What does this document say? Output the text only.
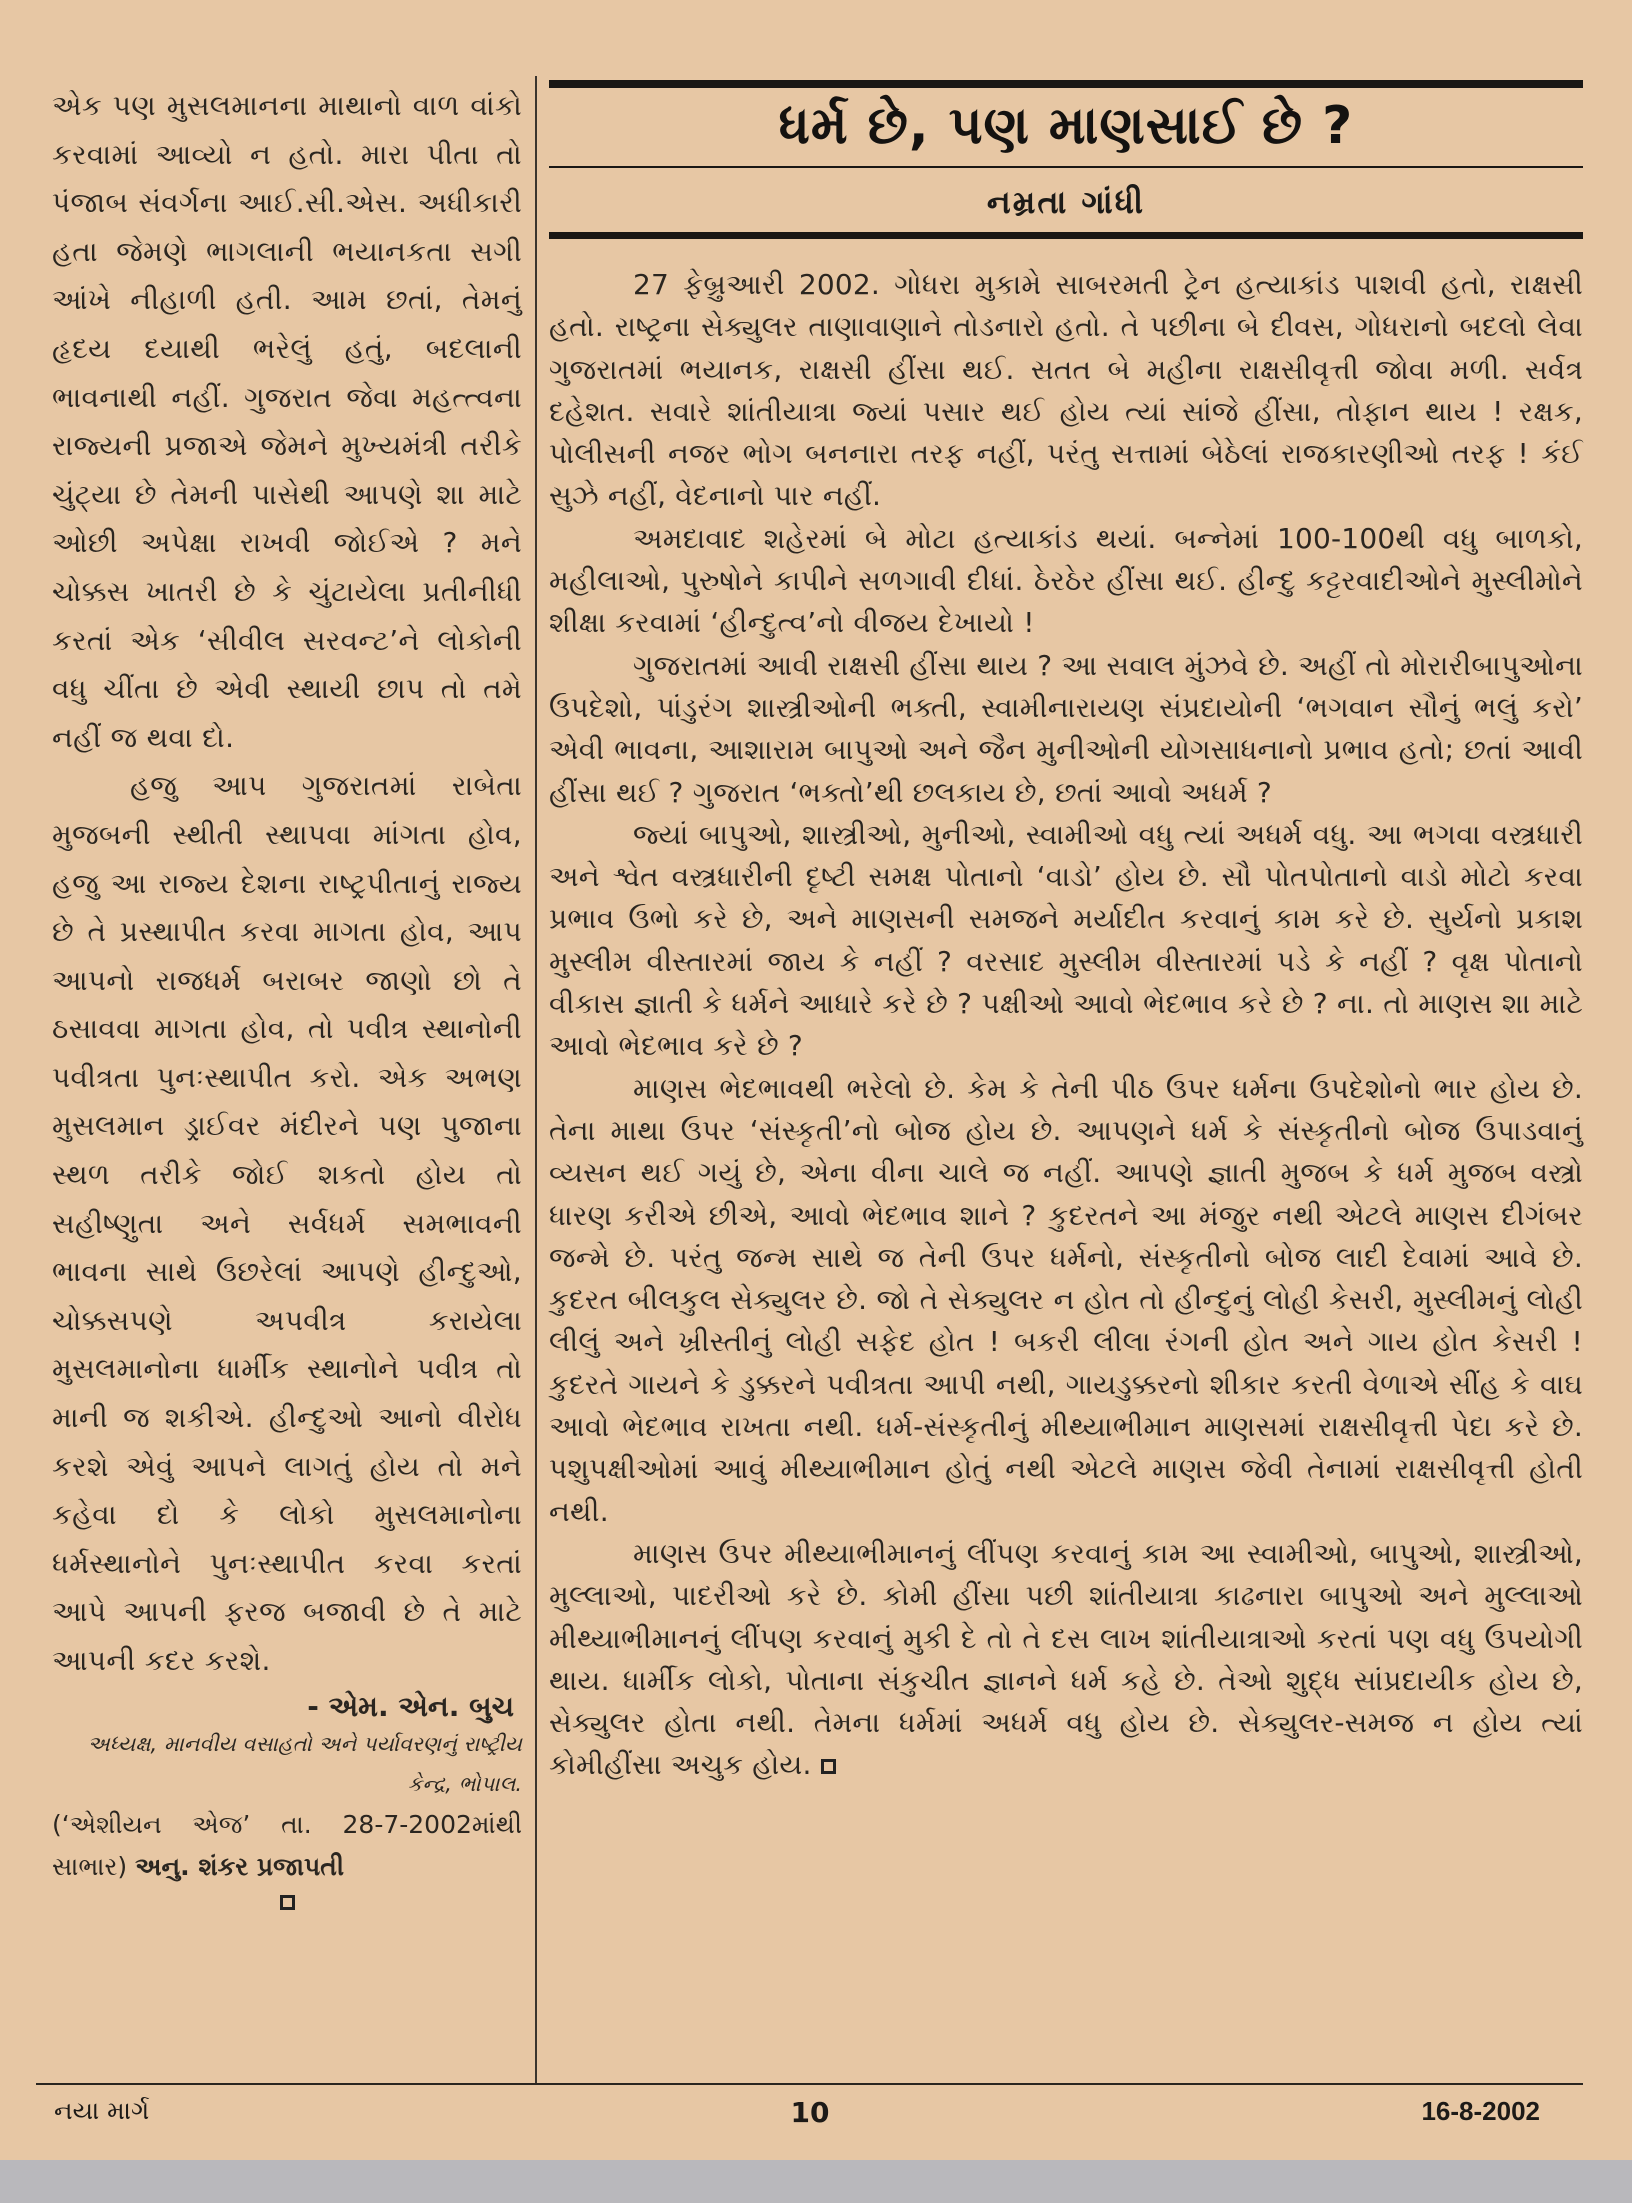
એક પણ મુસલમાનના માથાનો વાળ વાંકો કરવામાં આવ્યો ન હતો. મારા પીતા તો પંજાબ સંવર્ગના આઈ.સી.એસ. અધીકારી હતા જેમણે ભાગલાની ભયાનકતા સગી આંખે નીહાળી હતી. આમ છતાં, તેમનું હૃદય દયાથી ભરેલું હતું, બદલાની ભાવનાથી નહીં. ગુજરાત જેવા મહત્ત્વના રાજ્યની પ્રજાએ જેમને મુખ્યમંત્રી તરીકે ચુંટ્યા છે તેમની પાસેથી આપણે શા માટે ઓછી અપેક્ષા રાખવી જોઈએ ? મને ચોક્કસ ખાતરી છે કે ચુંટાયેલા પ્રતીનીધી કરતાં એક ‘સીવીલ સરવન્ટ’ને લોકોની વધુ ચીંતા છે એવી સ્થાયી છાપ તો તમે નહીં જ થવા દો.

હજુ આપ ગુજરાતમાં રાબેતા મુજબની સ્થીતી સ્થાપવા માંગતા હોવ, હજુ આ રાજ્ય દેશના રાષ્ટ્રપીતાનું રાજ્ય છે તે પ્રસ્થાપીત કરવા માગતા હોવ, આપ આપનો રાજધર્મ બરાબર જાણો છો તે ઠસાવવા માગતા હોવ, તો પવીત્ર સ્થાનોની પવીત્રતા પુનઃસ્થાપીત કરો. એક અભણ મુસલમાન ડ્રાઈવર મંદીરને પણ પુજાના સ્થળ તરીકે જોઈ શકતો હોય તો સહીષ્ણુતા અને સર્વધર્મ સમભાવની ભાવના સાથે ઉછરેલાં આપણે હીન્દુઓ, ચોક્કસપણે અપવીત્ર કરાયેલા મુસલમાનોના ધાર્મીક સ્થાનોને પવીત્ર તો માની જ શકીએ. હીન્દુઓ આનો વીરોધ કરશે એવું આપને લાગતું હોય તો મને કહેવા દો કે લોકો મુસલમાનોના ધર્મસ્થાનોને પુનઃસ્થાપીત કરવા કરતાં આપે આપની ફરજ બજાવી છે તે માટે આપની કદર કરશે.

- એમ. એન. બુચ
અધ્યક્ષ, માનવીય વસાહતો અને પર્યાવરણનું રાષ્ટ્રીય કેન્દ્ર, ભોપાલ.
(‘એશીયન એજ’ તા. 28-7-2002માંથી સાભાર) અનુ. શંકર પ્રજાપતી
ધર્મ છે, પણ માણસાઈ છે ?
નમ્રતા ગાંધી

27 ફેબ્રુઆરી 2002. ગોધરા મુકામે સાબરમતી ટ્રેન હત્યાકાંડ પાશવી હતો, રાક્ષસી હતો. રાષ્ટ્રના સેક્યુલર તાણાવાણાને તોડનારો હતો. તે પછીના બે દીવસ, ગોધરાનો બદલો લેવા ગુજરાતમાં ભયાનક, રાક્ષસી હીંસા થઈ. સતત બે મહીના રાક્ષસીવૃત્તી જોવા મળી. સર્વત્ર દહેશત. સવારે શાંતીયાત્રા જ્યાં પસાર થઈ હોય ત્યાં સાંજે હીંસા, તોફાન થાય ! રક્ષક, પોલીસની નજર ભોગ બનનારા તરફ નહીં, પરંતુ સત્તામાં બેઠેલાં રાજકારણીઓ તરફ ! કંઈ સુઝે નહીં, વેદનાનો પાર નહીં.

અમદાવાદ શહેરમાં બે મોટા હત્યાકાંડ થયાં. બન્નેમાં 100-100થી વધુ બાળકો, મહીલાઓ, પુરુષોને કાપીને સળગાવી દીધાં. ઠેરઠેર હીંસા થઈ. હીન્દુ કટ્ટરવાદીઓને મુસ્લીમોને શીક્ષા કરવામાં ‘હીન્દુત્વ’નો વીજય દેખાયો !

ગુજરાતમાં આવી રાક્ષસી હીંસા થાય ? આ સવાલ મુંઝવે છે. અહીં તો મોરારીબાપુઓના ઉપદેશો, પાંડુરંગ શાસ્ત્રીઓની ભક્તી, સ્વામીનારાયણ સંપ્રદાયોની ‘ભગવાન સૌનું ભલું કરો’ એવી ભાવના, આશારામ બાપુઓ અને જૈન મુનીઓની યોગસાધનાનો પ્રભાવ હતો; છતાં આવી હીંસા થઈ ? ગુજરાત ‘ભક્તો’થી છલકાય છે, છતાં આવો અધર્મ ?

જ્યાં બાપુઓ, શાસ્ત્રીઓ, મુનીઓ, સ્વામીઓ વધુ ત્યાં અધર્મ વધુ. આ ભગવા વસ્ત્રધારી અને શ્વેત વસ્ત્રધારીની દૃષ્ટી સમક્ષ પોતાનો ‘વાડો’ હોય છે. સૌ પોતપોતાનો વાડો મોટો કરવા પ્રભાવ ઉભો કરે છે, અને માણસની સમજને મર્યાદીત કરવાનું કામ કરે છે. સુર્યનો પ્રકાશ મુસ્લીમ વીસ્તારમાં જાય કે નહીં ? વરસાદ મુસ્લીમ વીસ્તારમાં પડે કે નહીં ? વૃક્ષ પોતાનો વીકાસ જ્ઞાતી કે ધર્મને આધારે કરે છે ? પક્ષીઓ આવો ભેદભાવ કરે છે ? ના. તો માણસ શા માટે આવો ભેદભાવ કરે છે ?

માણસ ભેદભાવથી ભરેલો છે. કેમ કે તેની પીઠ ઉપર ધર્મના ઉપદેશોનો ભાર હોય છે. તેના માથા ઉપર ‘સંસ્કૃતી’નો બોજ હોય છે. આપણને ધર્મ કે સંસ્કૃતીનો બોજ ઉપાડવાનું વ્યસન થઈ ગયું છે, એના વીના ચાલે જ નહીં. આપણે જ્ઞાતી મુજબ કે ધર્મ મુજબ વસ્ત્રો ધારણ કરીએ છીએ, આવો ભેદભાવ શાને ? કુદરતને આ મંજુર નથી એટલે માણસ દીગંબર જન્મે છે. પરંતુ જન્મ સાથે જ તેની ઉપર ધર્મનો, સંસ્કૃતીનો બોજ લાદી દેવામાં આવે છે. કુદરત બીલકુલ સેક્યુલર છે. જો તે સેક્યુલર ન હોત તો હીન્દુનું લોહી કેસરી, મુસ્લીમનું લોહી લીલું અને ખ્રીસ્તીનું લોહી સફેદ હોત ! બકરી લીલા રંગની હોત અને ગાય હોત કેસરી ! કુદરતે ગાયને કે ડુક્કરને પવીત્રતા આપી નથી, ગાયડુક્કરનો શીકાર કરતી વેળાએ સીંહ કે વાઘ આવો ભેદભાવ રાખતા નથી. ધર્મ-સંસ્કૃતીનું મીથ્યાભીમાન માણસમાં રાક્ષસીવૃત્તી પેદા કરે છે. પશુપક્ષીઓમાં આવું મીથ્યાભીમાન હોતું નથી એટલે માણસ જેવી તેનામાં રાક્ષસીવૃત્તી હોતી નથી.

માણસ ઉપર મીથ્યાભીમાનનું લીંપણ કરવાનું કામ આ સ્વામીઓ, બાપુઓ, શાસ્ત્રીઓ, મુલ્લાઓ, પાદરીઓ કરે છે. કોમી હીંસા પછી શાંતીયાત્રા કાઢનારા બાપુઓ અને મુલ્લાઓ મીથ્યાભીમાનનું લીંપણ કરવાનું મુકી દે તો તે દસ લાખ શાંતીયાત્રાઓ કરતાં પણ વધુ ઉપયોગી થાય. ધાર્મીક લોકો, પોતાના સંકુચીત જ્ઞાનને ધર્મ કહે છે. તેઓ શુદ્ધ સાંપ્રદાયીક હોય છે, સેક્યુલર હોતા નથી. તેમના ધર્મમાં અધર્મ વધુ હોય છે. સેક્યુલર-સમજ ન હોય ત્યાં કોમીહીંસા અચુક હોય.

નયા માર્ગ	10	16-8-2002
